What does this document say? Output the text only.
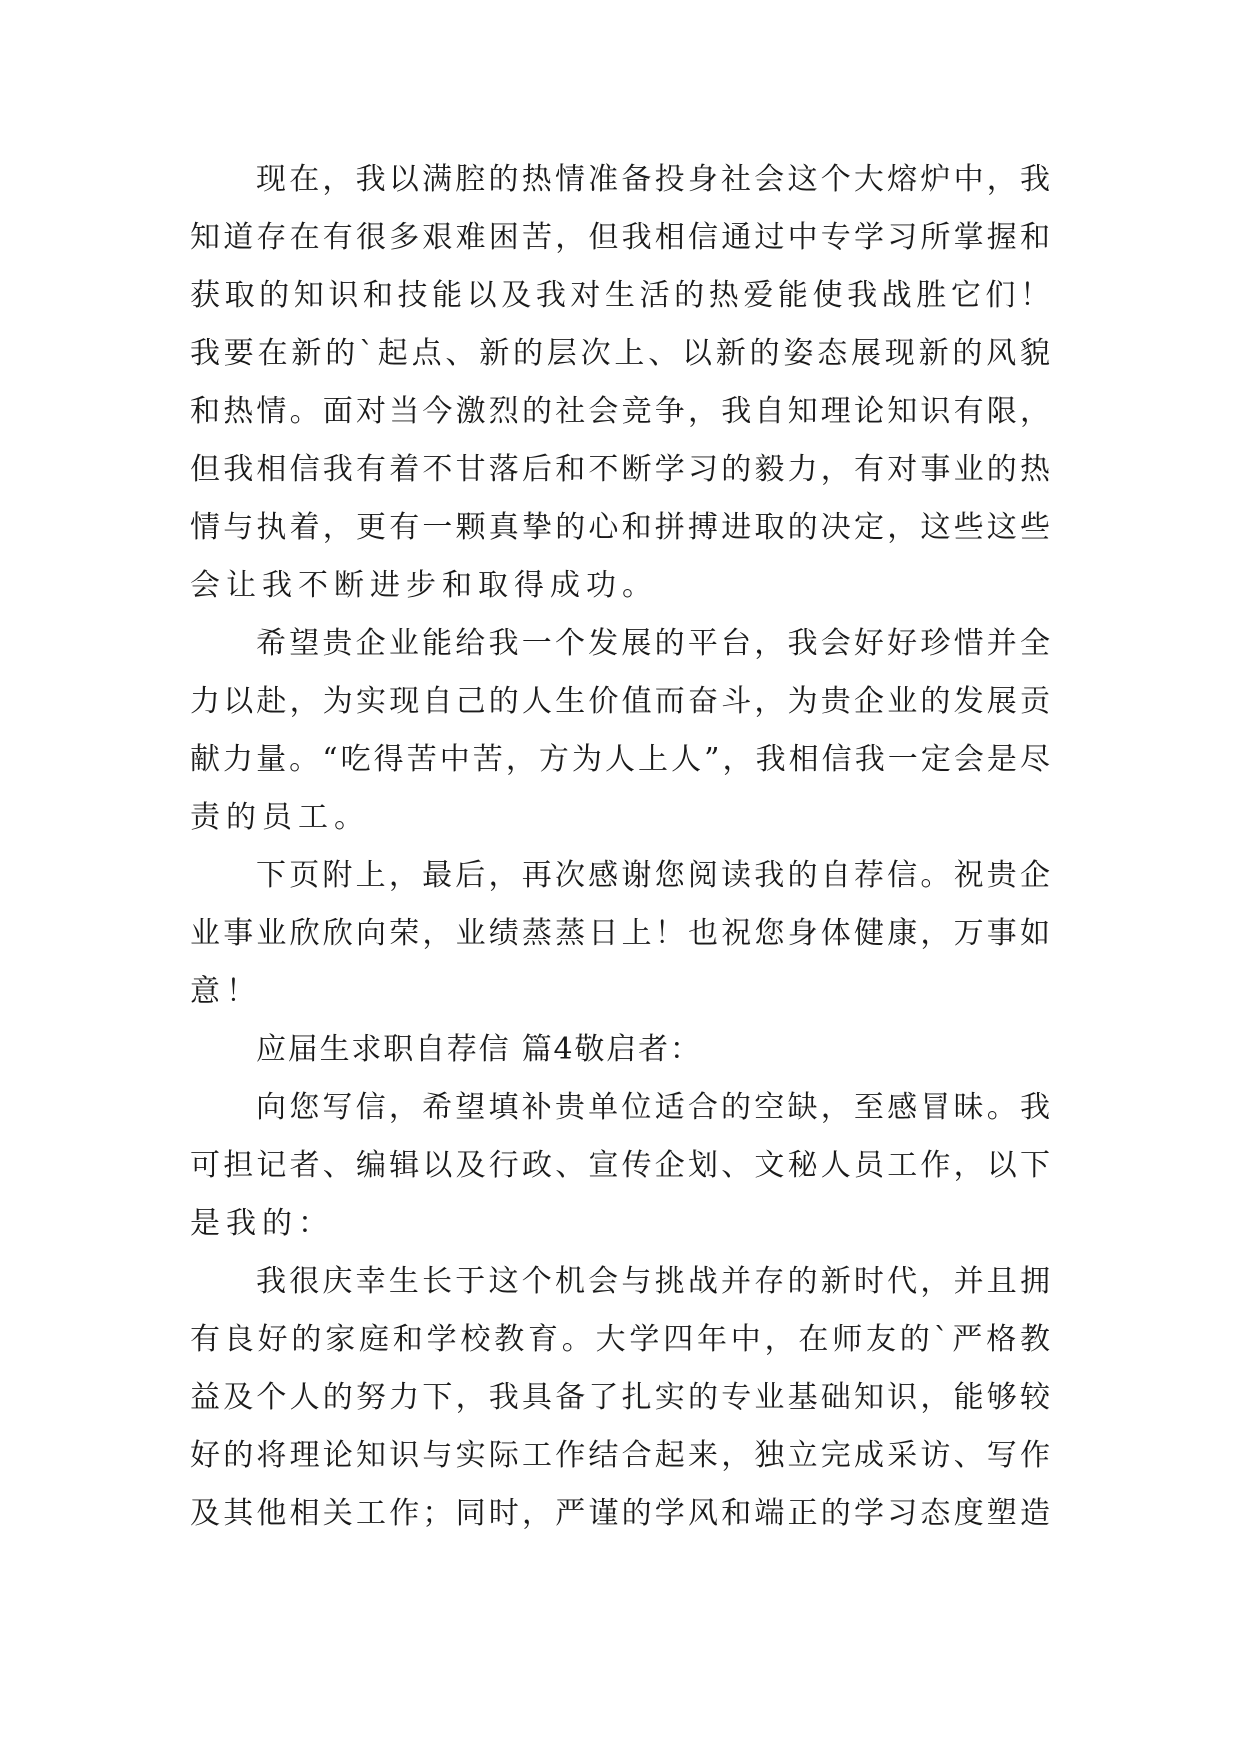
现在，我以满腔的热情准备投身社会这个大熔炉中，我
知道存在有很多艰难困苦，但我相信通过中专学习所掌握和
获取的知识和技能以及我对生活的热爱能使我战胜它们！
我要在新的`起点、新的层次上、以新的姿态展现新的风貌
和热情。面对当今激烈的社会竞争，我自知理论知识有限，
但我相信我有着不甘落后和不断学习的毅力，有对事业的热
情与执着，更有一颗真挚的心和拼搏进取的决定，这些这些
会让我不断进步和取得成功。
希望贵企业能给我一个发展的平台，我会好好珍惜并全
力以赴，为实现自己的人生价值而奋斗，为贵企业的发展贡
献力量。“吃得苦中苦，方为人上人”，我相信我一定会是尽
责的员工。
下页附上，最后，再次感谢您阅读我的自荐信。祝贵企
业事业欣欣向荣，业绩蒸蒸日上！也祝您身体健康，万事如
意！
应届生求职自荐信 篇4敬启者：
向您写信，希望填补贵单位适合的空缺，至感冒昧。我
可担记者、编辑以及行政、宣传企划、文秘人员工作，以下
是我的：
我很庆幸生长于这个机会与挑战并存的新时代，并且拥
有良好的家庭和学校教育。大学四年中，在师友的`严格教
益及个人的努力下，我具备了扎实的专业基础知识，能够较
好的将理论知识与实际工作结合起来，独立完成采访、写作
及其他相关工作；同时，严谨的学风和端正的学习态度塑造
